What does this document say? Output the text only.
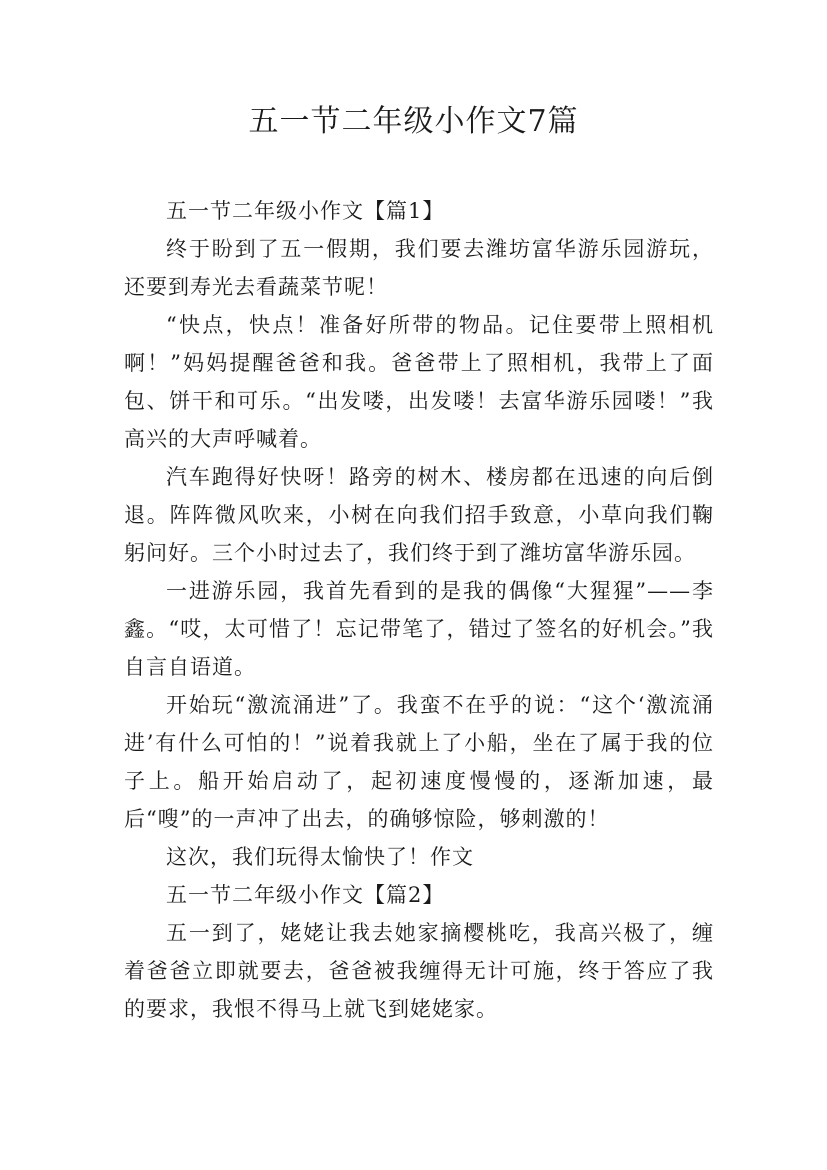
五一节二年级小作文7篇

五一节二年级小作文【篇1】

终于盼到了五一假期，我们要去潍坊富华游乐园游玩，还要到寿光去看蔬菜节呢！

“快点，快点！准备好所带的物品。记住要带上照相机啊！”妈妈提醒爸爸和我。爸爸带上了照相机，我带上了面包、饼干和可乐。“出发喽，出发喽！去富华游乐园喽！”我高兴的大声呼喊着。

汽车跑得好快呀！路旁的树木、楼房都在迅速的向后倒退。阵阵微风吹来，小树在向我们招手致意，小草向我们鞠躬问好。三个小时过去了，我们终于到了潍坊富华游乐园。

一进游乐园，我首先看到的是我的偶像“大猩猩”——李鑫。“哎，太可惜了！忘记带笔了，错过了签名的好机会。”我自言自语道。

开始玩“激流涌进”了。我蛮不在乎的说：“这个‘激流涌进’有什么可怕的！”说着我就上了小船，坐在了属于我的位子上。船开始启动了，起初速度慢慢的，逐渐加速，最后“嗖”的一声冲了出去，的确够惊险，够刺激的！

这次，我们玩得太愉快了！作文

五一节二年级小作文【篇2】

五一到了，姥姥让我去她家摘樱桃吃，我高兴极了，缠着爸爸立即就要去，爸爸被我缠得无计可施，终于答应了我的要求，我恨不得马上就飞到姥姥家。
